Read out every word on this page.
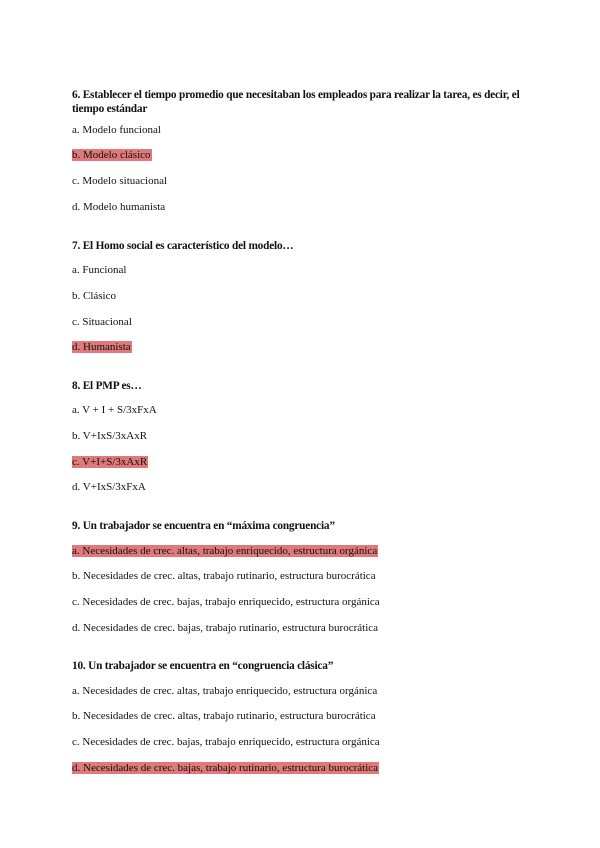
6. Establecer el tiempo promedio que necesitaban los empleados para realizar la tarea, es decir, el tiempo estándar
a. Modelo funcional
b. Modelo clásico
c. Modelo situacional
d. Modelo humanista
7. El Homo social es característico del modelo…
a. Funcional
b. Clásico
c. Situacional
d. Humanista
8. El PMP es…
a. V + I + S/3xFxA
b. V+IxS/3xAxR
c. V+I+S/3xAxR
d. V+IxS/3xFxA
9. Un trabajador se encuentra en “máxima congruencia”
a. Necesidades de crec. altas, trabajo enriquecido, estructura orgánica
b. Necesidades de crec. altas, trabajo rutinario, estructura burocrática
c. Necesidades de crec. bajas, trabajo enriquecido, estructura orgánica
d. Necesidades de crec. bajas, trabajo rutinario, estructura burocrática
10. Un trabajador se encuentra en “congruencia clásica”
a. Necesidades de crec. altas, trabajo enriquecido, estructura orgánica
b. Necesidades de crec. altas, trabajo rutinario, estructura burocrática
c. Necesidades de crec. bajas, trabajo enriquecido, estructura orgánica
d. Necesidades de crec. bajas, trabajo rutinario, estructura burocrática
